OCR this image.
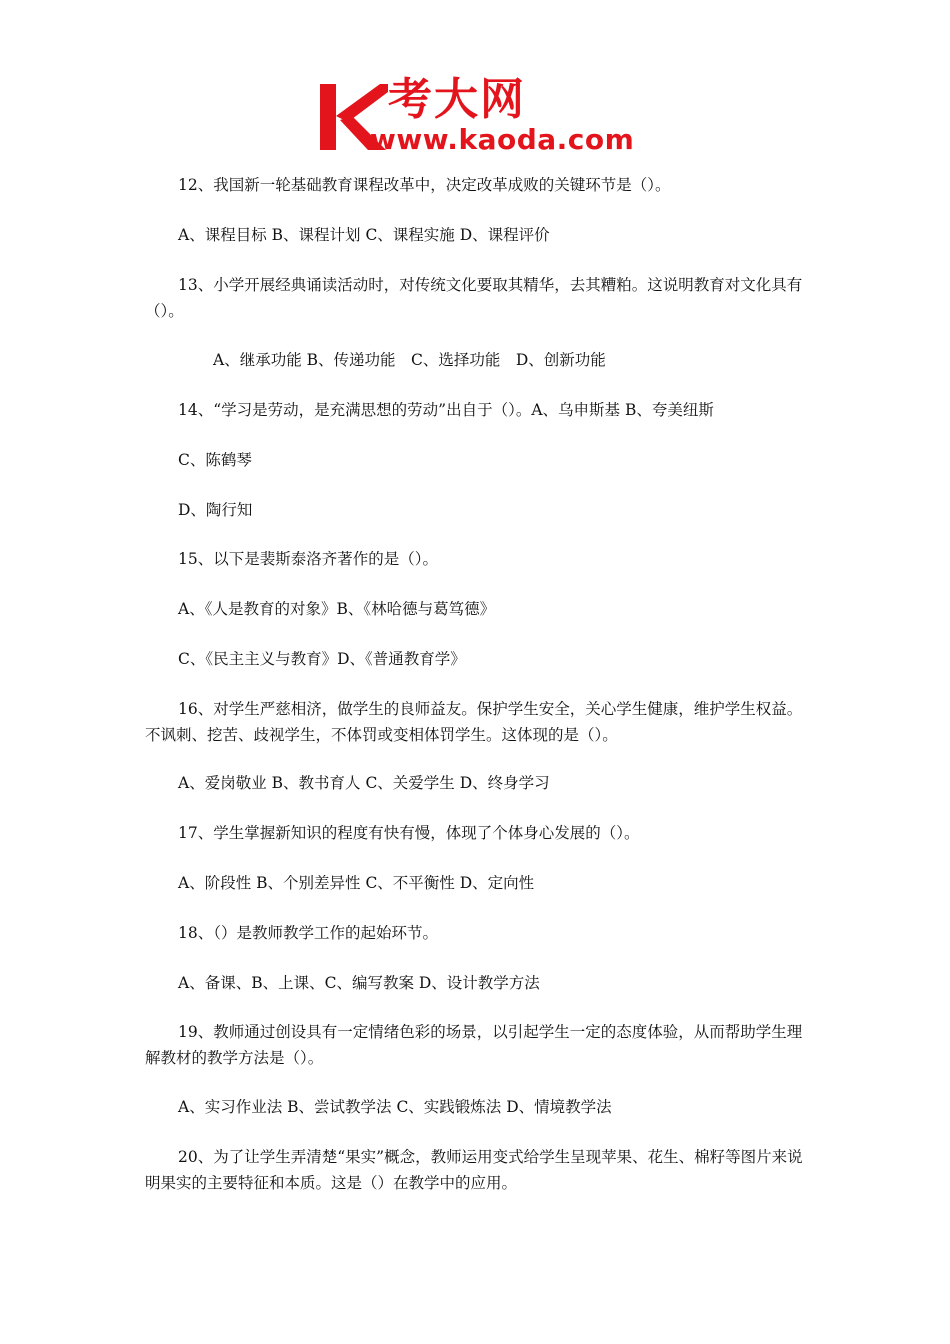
考大网
www.kaoda.com

12、我国新一轮基础教育课程改革中，决定改革成败的关键环节是（）。

A、课程目标 B、课程计划 C、课程实施 D、课程评价

13、小学开展经典诵读活动时，对传统文化要取其精华，去其糟粕。这说明教育对文化具有（）。

A、继承功能 B、传递功能　C、选择功能　D、创新功能

14、“学习是劳动，是充满思想的劳动”出自于（）。A、乌申斯基 B、夸美纽斯

C、陈鹤琴

D、陶行知

15、以下是裴斯泰洛齐著作的是（）。

A、《人是教育的对象》B、《林哈德与葛笃德》

C、《民主主义与教育》D、《普通教育学》

16、对学生严慈相济，做学生的良师益友。保护学生安全，关心学生健康，维护学生权益。不讽刺、挖苦、歧视学生，不体罚或变相体罚学生。这体现的是（）。

A、爱岗敬业 B、教书育人 C、关爱学生 D、终身学习

17、学生掌握新知识的程度有快有慢，体现了个体身心发展的（）。

A、阶段性 B、个别差异性 C、不平衡性 D、定向性

18、（）是教师教学工作的起始环节。

A、备课、B、上课、C、编写教案 D、设计教学方法

19、教师通过创设具有一定情绪色彩的场景，以引起学生一定的态度体验，从而帮助学生理解教材的教学方法是（）。

A、实习作业法 B、尝试教学法 C、实践锻炼法 D、情境教学法

20、为了让学生弄清楚“果实”概念，教师运用变式给学生呈现苹果、花生、棉籽等图片来说明果实的主要特征和本质。这是（）在教学中的应用。
